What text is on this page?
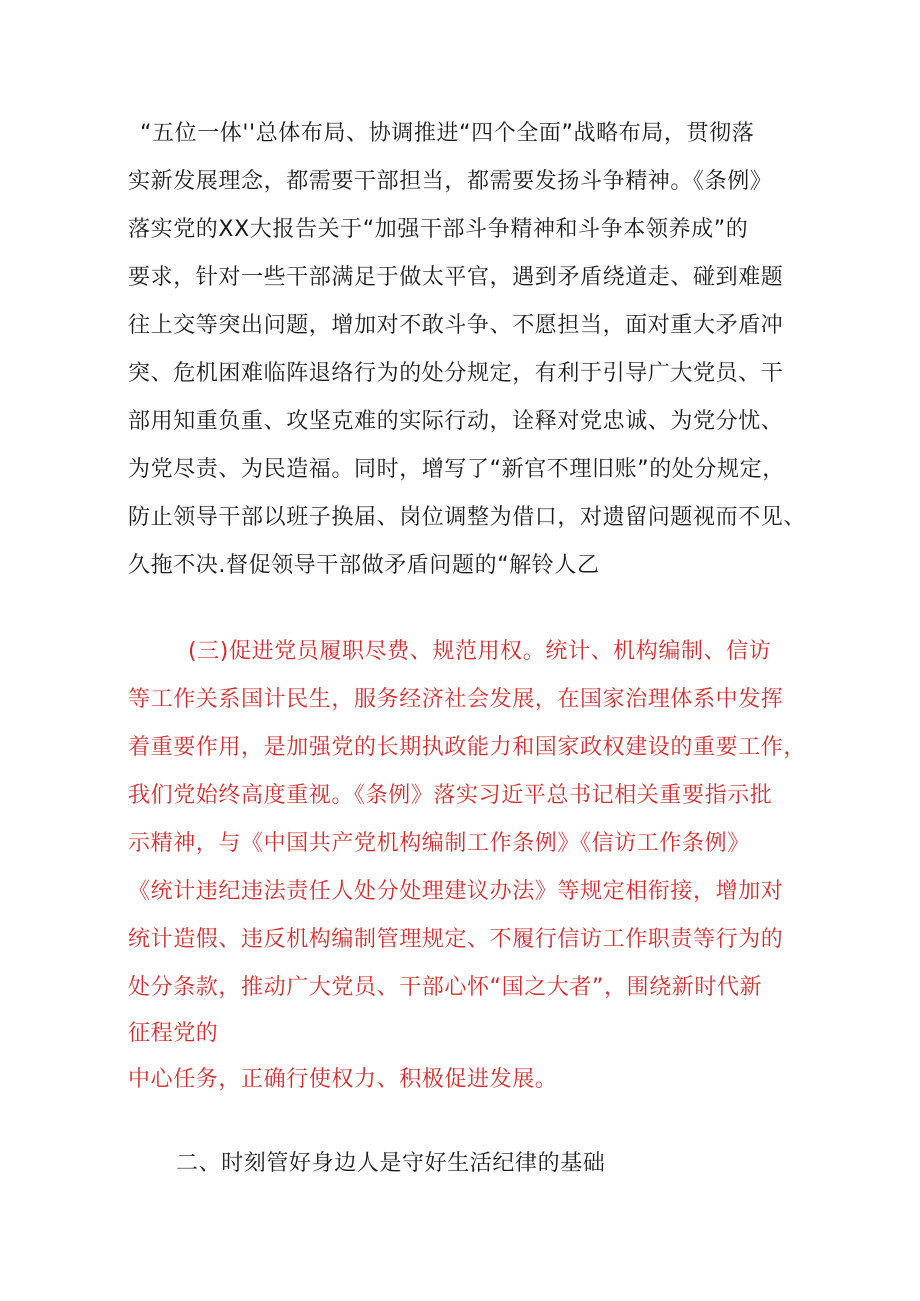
“五位一体''总体布局、协调推进“四个全面”战略布局，贯彻落
实新发展理念，都需要干部担当，都需要发扬斗争精神。《条例》
落实党的XX大报告关于“加强干部斗争精神和斗争本领养成”的
要求，针对一些干部满足于做太平官，遇到矛盾绕道走、碰到难题
往上交等突出问题，增加对不敢斗争、不愿担当，面对重大矛盾冲
突、危机困难临阵退络行为的处分规定，有利于引导广大党员、干
部用知重负重、攻坚克难的实际行动，诠释对党忠诚、为党分忧、
为党尽责、为民造福。同时，增写了“新官不理旧账”的处分规定，
防止领导干部以班子换届、岗位调整为借口，对遗留问题视而不见、
久拖不决.督促领导干部做矛盾问题的“解铃人乙
(三)促进党员履职尽费、规范用权。统计、机构编制、信访
等工作关系国计民生，服务经济社会发展，在国家治理体系中发挥
着重要作用，是加强党的长期执政能力和国家政权建设的重要工作，
我们党始终高度重视。《条例》落实习近平总书记相关重要指示批
示精神，与《中国共产党机构编制工作条例》《信访工作条例》
《统计违纪违法责任人处分处理建议办法》等规定相衔接，增加对
统计造假、违反机构编制管理规定、不履行信访工作职责等行为的
处分条款，推动广大党员、干部心怀“国之大者”，围绕新时代新
征程党的
中心任务，正确行使权力、积极促进发展。
二、时刻管好身边人是守好生活纪律的基础
